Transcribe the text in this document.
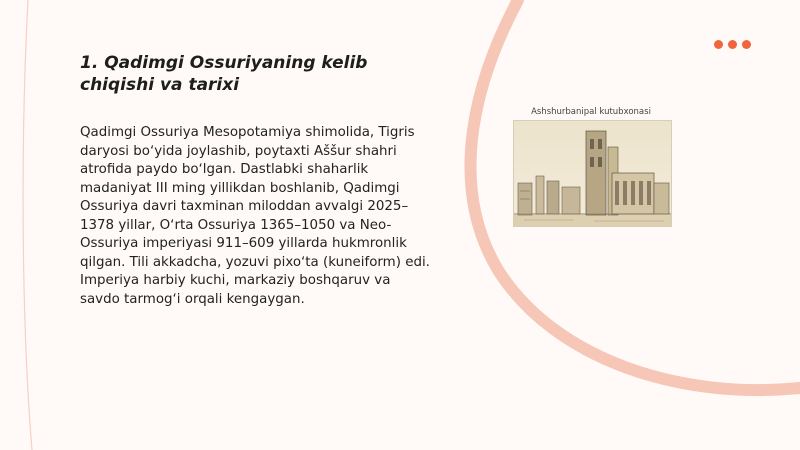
1. Qadimgi Ossuriyaning kelib chiqishi va tarixi

Qadimgi Ossuriya Mesopotamiya shimolida, Tigris daryosi boʻyida joylashib, poytaxti Aššur shahri atrofida paydo boʻlgan. Dastlabki shaharlik madaniyat III ming yillikdan boshlanib, Qadimgi Ossuriya davri taxminan miloddan avvalgi 2025–1378 yillar, Oʻrta Ossuriya 1365–1050 va Neo-Ossuriya imperiyasi 911–609 yillarda hukmronlik qilgan. Tili akkadcha, yozuvi pixoʻta (kuneiform) edi. Imperiya harbiy kuchi, markaziy boshqaruv va savdo tarmogʻi orqali kengaygan.

Ashshurbanipal kutubxonasi
